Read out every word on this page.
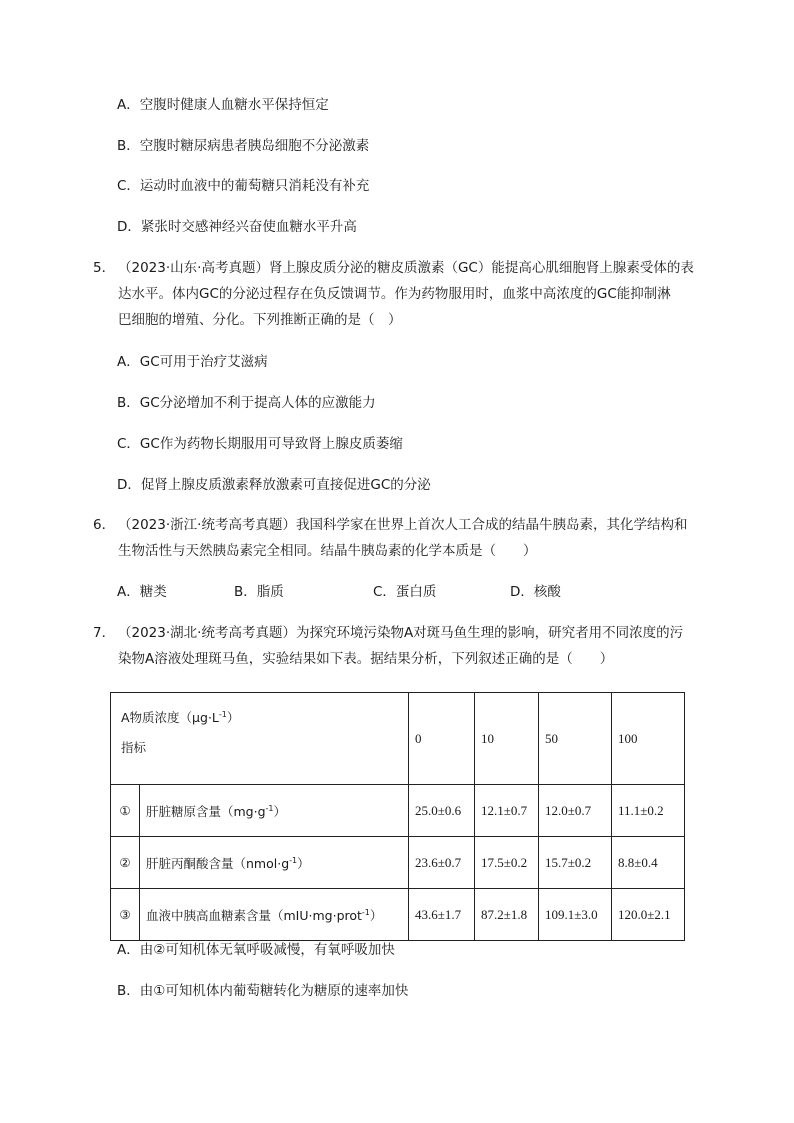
A．空腹时健康人血糖水平保持恒定
B．空腹时糖尿病患者胰岛细胞不分泌激素
C．运动时血液中的葡萄糖只消耗没有补充
D．紧张时交感神经兴奋使血糖水平升高
5． （2023·山东·高考真题）肾上腺皮质分泌的糖皮质激素（GC）能提高心肌细胞肾上腺素受体的表
达水平。体内GC的分泌过程存在负反馈调节。作为药物服用时，血浆中高浓度的GC能抑制淋
巴细胞的增殖、分化。下列推断正确的是（　）
A．GC可用于治疗艾滋病
B．GC分泌增加不利于提高人体的应激能力
C．GC作为药物长期服用可导致肾上腺皮质萎缩
D．促肾上腺皮质激素释放激素可直接促进GC的分泌
6． （2023·浙江·统考高考真题）我国科学家在世界上首次人工合成的结晶牛胰岛素，其化学结构和
生物活性与天然胰岛素完全相同。结晶牛胰岛素的化学本质是（　　）
A．糖类	B．脂质	C．蛋白质	D．核酸
7． （2023·湖北·统考高考真题）为探究环境污染物A对斑马鱼生理的影响，研究者用不同浓度的污
染物A溶液处理斑马鱼，实验结果如下表。据结果分析，下列叙述正确的是（　　）
A物质浓度$(\mu g\cdot L^{-1})$
指标		0	10	50	100
①	肝脏糖原含量$(mg\cdot g^{-1})$	25.0±0.6	12.1±0.7	12.0±0.7	11.1±0.2
②	肝脏丙酮酸含量$(nmol\cdot g^{-1})$	23.6±0.7	17.5±0.2	15.7±0.2	8.8±0.4
③	血液中胰高血糖素含量（mIU·mg·prot$^{-1}$）	43.6±1.7	87.2±1.8	109.1±3.0	120.0±2.1
A．由②可知机体无氧呼吸减慢，有氧呼吸加快
B．由①可知机体内葡萄糖转化为糖原的速率加快
